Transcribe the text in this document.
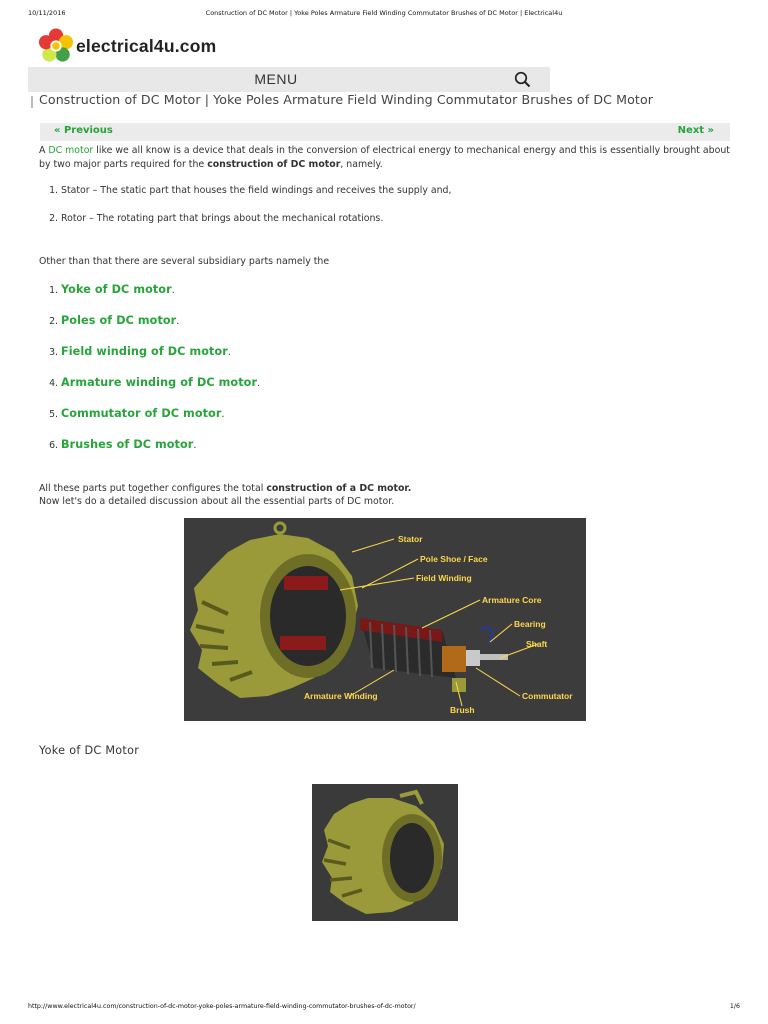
10/11/2016	Construction of DC Motor | Yoke Poles Armature Field Winding Commutator Brushes of DC Motor | Electrical4u
electrical4u.com
MENU
Construction of DC Motor | Yoke Poles Armature Field Winding Commutator Brushes of DC Motor
« Previous	Next »

A DC motor like we all know is a device that deals in the conversion of electrical energy to mechanical energy and this is essentially brought about by two major parts required for the construction of DC motor, namely.

1. Stator – The static part that houses the field windings and receives the supply and,
2. Rotor – The rotating part that brings about the mechanical rotations.

Other than that there are several subsidiary parts namely the

1. Yoke of DC motor.
2. Poles of DC motor.
3. Field winding of DC motor.
4. Armature winding of DC motor.
5. Commutator of DC motor.
6. Brushes of DC motor.

All these parts put together configures the total construction of a DC motor.
Now let's do a detailed discussion about all the essential parts of DC motor.

Stator
Pole Shoe / Face
Field Winding
Armature Core
Bearing
Shaft
Commutator
Brush
Armature Winding
Yoke of DC Motor
http://www.electrical4u.com/construction-of-dc-motor-yoke-poles-armature-field-winding-commutator-brushes-of-dc-motor/	1/6
